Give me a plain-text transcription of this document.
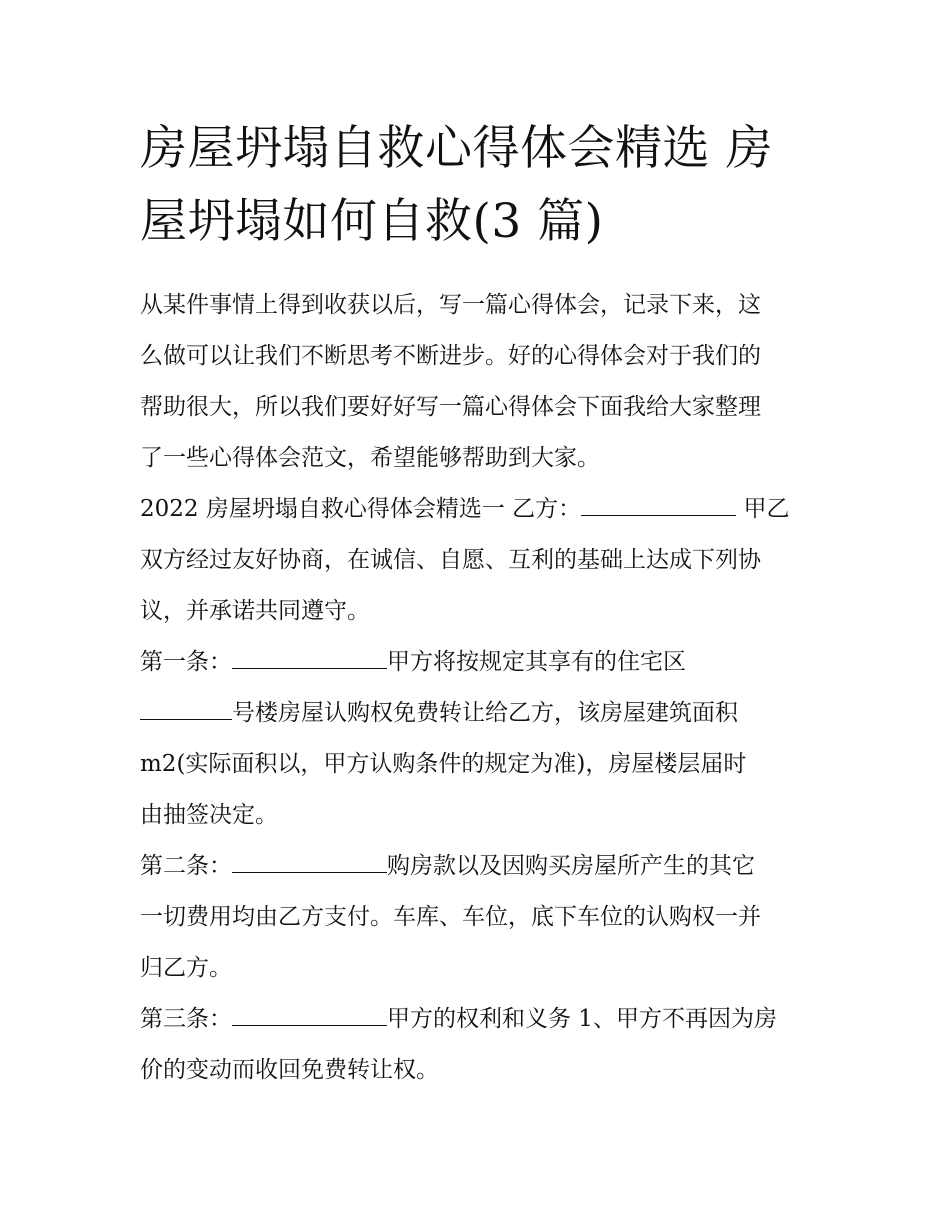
房屋坍塌自救心得体会精选 房
屋坍塌如何自救(3 篇)

从某件事情上得到收获以后，写一篇心得体会，记录下来，这
么做可以让我们不断思考不断进步。好的心得体会对于我们的
帮助很大，所以我们要好好写一篇心得体会下面我给大家整理
了一些心得体会范文，希望能够帮助到大家。

2022 房屋坍塌自救心得体会精选一 乙方：	甲乙
双方经过友好协商，在诚信、自愿、互利的基础上达成下列协
议，并承诺共同遵守。

第一条：	甲方将按规定其享有的住宅区
号楼房屋认购权免费转让给乙方，该房屋建筑面积
m2(实际面积以，甲方认购条件的规定为准)，房屋楼层届时
由抽签决定。

第二条：	购房款以及因购买房屋所产生的其它
一切费用均由乙方支付。车库、车位，底下车位的认购权一并
归乙方。

第三条：	甲方的权利和义务 1、甲方不再因为房
价的变动而收回免费转让权。
